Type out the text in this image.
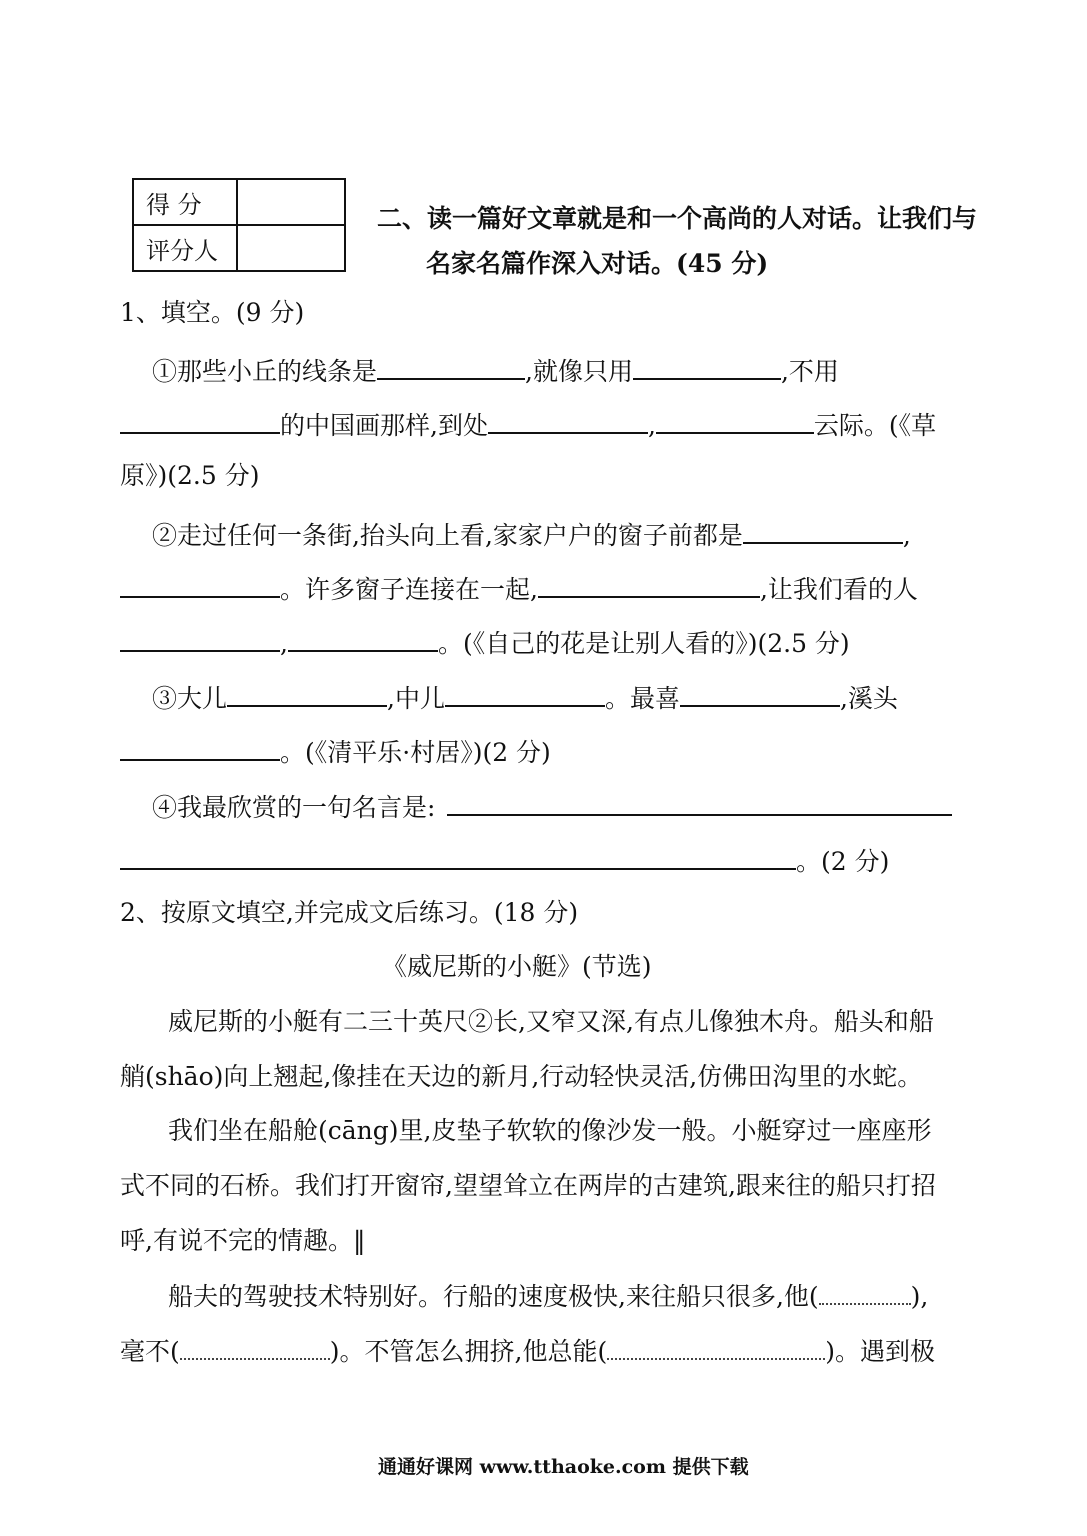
得 分	
评分人	
二、读一篇好文章就是和一个高尚的人对话。让我们与
名家名篇作深入对话。(45 分)
1、填空。(9 分)
①那些小丘的线条是	,就像只用	,不用
的中国画那样,到处	,	云际。(《草
原》)(2.5 分)
②走过任何一条街,抬头向上看,家家户户的窗子前都是	,
。许多窗子连接在一起,	,让我们看的人
,	。(《自己的花是让别人看的》)(2.5 分)
③大儿	,中儿	。最喜	,溪头
。(《清平乐·村居》)(2 分)
④我最欣赏的一句名言是:
。(2 分)
2、按原文填空,并完成文后练习。(18 分)
《威尼斯的小艇》(节选)
威尼斯的小艇有二三十英尺②长,又窄又深,有点儿像独木舟。船头和船
艄(shāo)向上翘起,像挂在天边的新月,行动轻快灵活,仿佛田沟里的水蛇。
我们坐在船舱(cāng)里,皮垫子软软的像沙发一般。小艇穿过一座座形
式不同的石桥。我们打开窗帘,望望耸立在两岸的古建筑,跟来往的船只打招
呼,有说不完的情趣。‖
船夫的驾驶技术特别好。行船的速度极快,来往船只很多,他(	),
毫不(	)。不管怎么拥挤,他总能(	)。遇到极
通通好课网 www.tthaoke.com 提供下载
